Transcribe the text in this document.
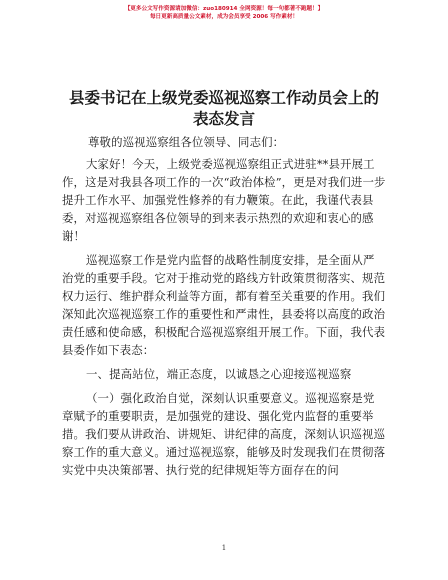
【更多公文写作资源请加微信：zuo180914 全网资源！每一句都著不跑题！】
每日更新高质量公文素材，成为会员享受 2006 写作素材！
县委书记在上级党委巡视巡察工作动员会上的
表态发言
尊敬的巡视巡察组各位领导、同志们：

大家好！今天，上级党委巡视巡察组正式进驻**县开展工作，这是对我县各项工作的一次“政治体检”，更是对我们进一步提升工作水平、加强党性修养的有力鞭策。在此，我谨代表县委，对巡视巡察组各位领导的到来表示热烈的欢迎和衷心的感谢！

巡视巡察工作是党内监督的战略性制度安排，是全面从严治党的重要手段。它对于推动党的路线方针政策贯彻落实、规范权力运行、维护群众利益等方面，都有着至关重要的作用。我们深知此次巡视巡察工作的重要性和严肃性，县委将以高度的政治责任感和使命感，积极配合巡视巡察组开展工作。下面，我代表县委作如下表态：

一、提高站位，端正态度，以诚恳之心迎接巡视巡察

（一）强化政治自觉，深刻认识重要意义。巡视巡察是党章赋予的重要职责，是加强党的建设、强化党内监督的重要举措。我们要从讲政治、讲规矩、讲纪律的高度，深刻认识巡视巡察工作的重大意义。通过巡视巡察，能够及时发现我们在贯彻落实党中央决策部署、执行党的纪律规矩等方面存在的问

1
